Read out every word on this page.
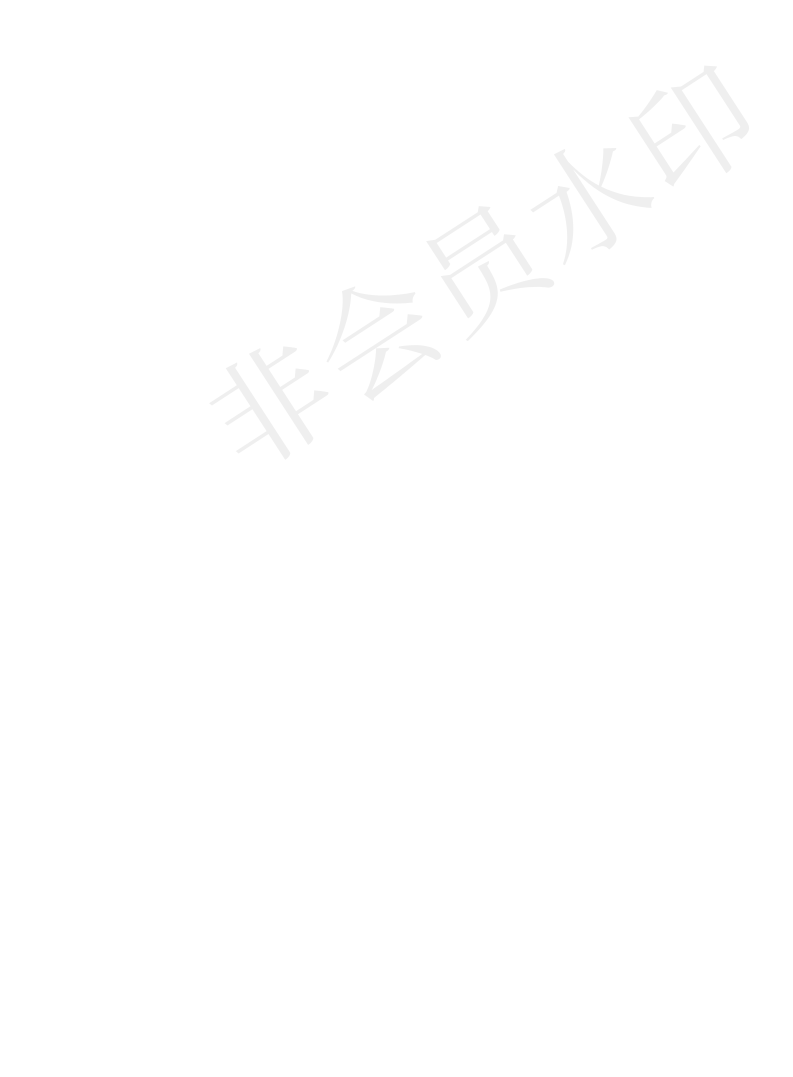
非会员水印
